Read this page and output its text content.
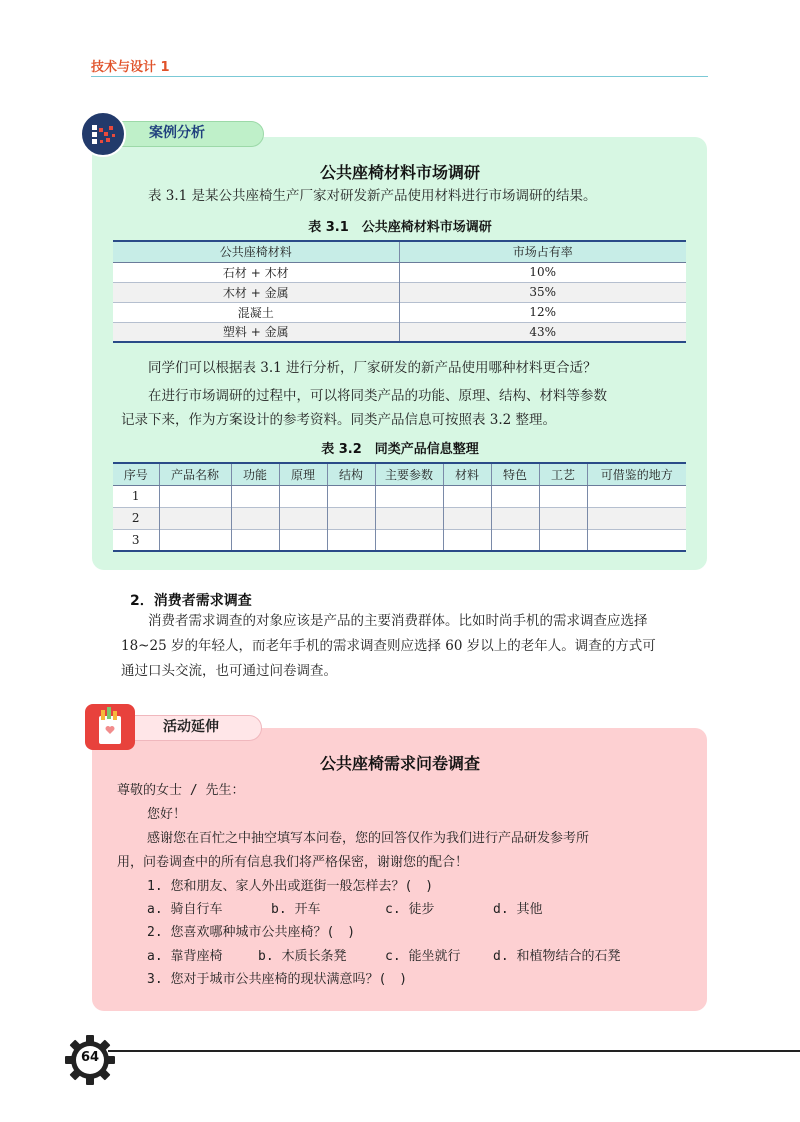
技术与设计 1
案例分析
公共座椅材料市场调研
表 3.1 是某公共座椅生产厂家对研发新产品使用材料进行市场调研的结果。
表 3.1　公共座椅材料市场调研
公共座椅材料	市场占有率
石材 + 木材	10%
木材 + 金属	35%
混凝土	12%
塑料 + 金属	43%
同学们可以根据表 3.1 进行分析，厂家研发的新产品使用哪种材料更合适？
在进行市场调研的过程中，可以将同类产品的功能、原理、结构、材料等参数
记录下来，作为方案设计的参考资料。同类产品信息可按照表 3.2 整理。
表 3.2　同类产品信息整理
序号	产品名称	功能	原理	结构	主要参数	材料	特色	工艺	可借鉴的地方
1									
2									
3									
2．消费者需求调查
消费者需求调查的对象应该是产品的主要消费群体。比如时尚手机的需求调查应选择
18~25 岁的年轻人，而老年手机的需求调查则应选择 60 岁以上的老年人。调查的方式可
通过口头交流，也可通过问卷调查。
活动延伸
公共座椅需求问卷调查
尊敬的女士 / 先生：
您好！
感谢您在百忙之中抽空填写本问卷，您的回答仅作为我们进行产品研发参考所
用，问卷调查中的所有信息我们将严格保密，谢谢您的配合！
1. 您和朋友、家人外出或逛街一般怎样去？(　)
a. 骑自行车	b. 开车	c. 徒步	d. 其他
2. 您喜欢哪种城市公共座椅？(　)
a. 靠背座椅	b. 木质长条凳	c. 能坐就行	d. 和植物结合的石凳
3. 您对于城市公共座椅的现状满意吗？(　)
64
